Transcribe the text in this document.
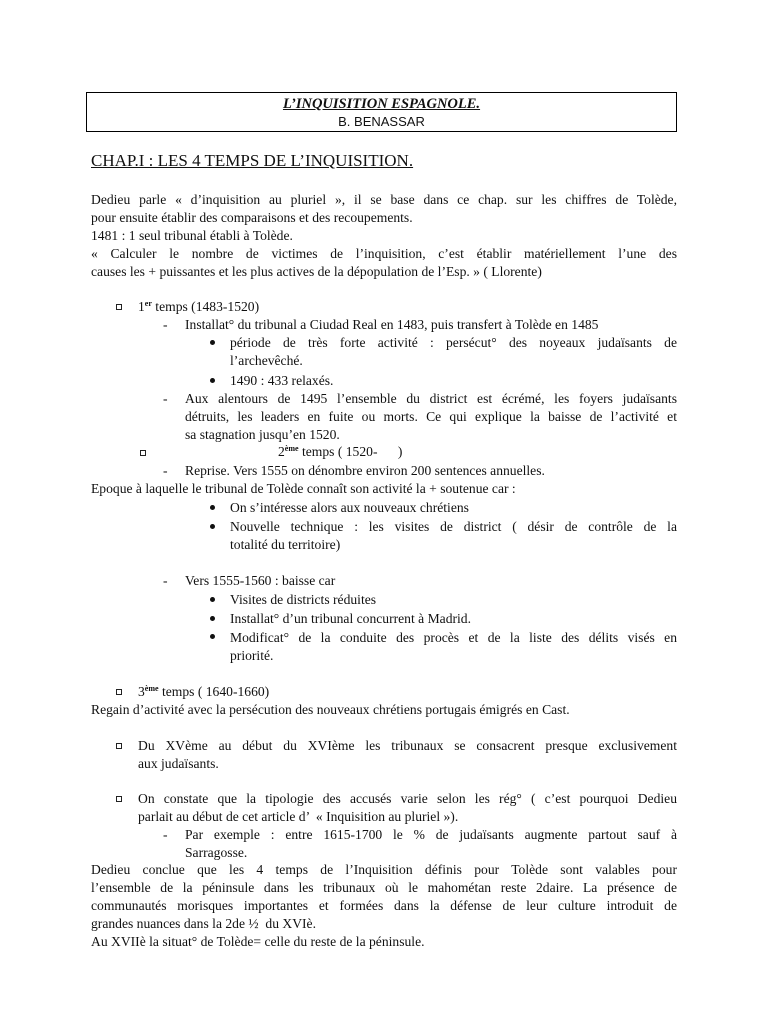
L’INQUISITION ESPAGNOLE.
B. BENASSAR
CHAP.I : LES 4 TEMPS DE L’INQUISITION.
Dedieu parle « d’inquisition au pluriel », il se base dans ce chap. sur les chiffres de Tolède,
pour ensuite établir des comparaisons et des recoupements.
1481 : 1 seul tribunal établi à Tolède.
« Calculer le nombre de victimes de l’inquisition, c’est établir matériellement l’une des
causes les + puissantes et les plus actives de la dépopulation de l’Esp. » ( Llorente)
1er temps (1483-1520)
- Installat° du tribunal a Ciudad Real en 1483, puis transfert à Tolède en 1485
période de très forte activité : persécut° des noyeaux judaïsants de
l’archevêché.
1490 : 433 relaxés.
- Aux alentours de 1495 l’ensemble du district est écrémé, les foyers judaïsants
détruits, les leaders en fuite ou morts. Ce qui explique la baisse de l’activité et
sa stagnation jusqu’en 1520.
2ème temps ( 1520-      )
- Reprise. Vers 1555 on dénombre environ 200 sentences annuelles.
Epoque à laquelle le tribunal de Tolède connaît son activité la + soutenue car :
On s’intéresse alors aux nouveaux chrétiens
Nouvelle technique : les visites de district ( désir de contrôle de la
totalité du territoire)
- Vers 1555-1560 : baisse car
Visites de districts réduites
Installat° d’un tribunal concurrent à Madrid.
Modificat° de la conduite des procès et de la liste des délits visés en
priorité.
3ème temps ( 1640-1660)
Regain d’activité avec la persécution des nouveaux chrétiens portugais émigrés en Cast.
Du XVème au début du XVIème les tribunaux se consacrent presque exclusivement
aux judaïsants.
On constate que la tipologie des accusés varie selon les rég° ( c’est pourquoi Dedieu
parlait au début de cet article d’  « Inquisition au pluriel »).
- Par exemple : entre 1615-1700 le % de judaïsants augmente partout sauf à
Sarragosse.
Dedieu conclue que les 4 temps de l’Inquisition définis pour Tolède sont valables pour
l’ensemble de la péninsule dans les tribunaux où le mahométan reste 2daire. La présence de
communautés morisques importantes et formées dans la défense de leur culture introduit de
grandes nuances dans la 2de ½  du XVIè.
Au XVIIè la situat° de Tolède= celle du reste de la péninsule.
